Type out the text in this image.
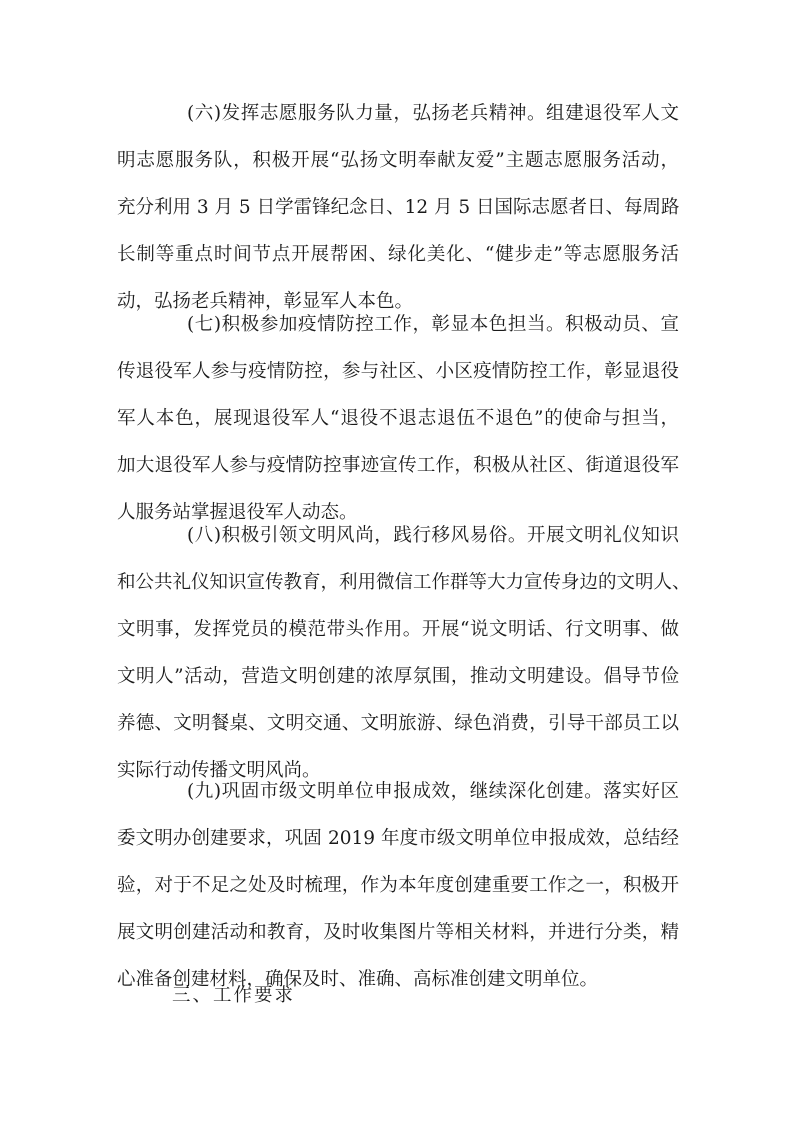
(六)发挥志愿服务队力量，弘扬老兵精神。组建退役军人文
明志愿服务队，积极开展“弘扬文明奉献友爱”主题志愿服务活动，
充分利用 3 月 5 日学雷锋纪念日、12 月 5 日国际志愿者日、每周路
长制等重点时间节点开展帮困、绿化美化、“健步走”等志愿服务活
动，弘扬老兵精神，彰显军人本色。
(七)积极参加疫情防控工作，彰显本色担当。积极动员、宣
传退役军人参与疫情防控，参与社区、小区疫情防控工作，彰显退役
军人本色，展现退役军人“退役不退志退伍不退色”的使命与担当，
加大退役军人参与疫情防控事迹宣传工作，积极从社区、街道退役军
人服务站掌握退役军人动态。
(八)积极引领文明风尚，践行移风易俗。开展文明礼仪知识
和公共礼仪知识宣传教育，利用微信工作群等大力宣传身边的文明人、
文明事，发挥党员的模范带头作用。开展“说文明话、行文明事、做
文明人”活动，营造文明创建的浓厚氛围，推动文明建设。倡导节俭
养德、文明餐桌、文明交通、文明旅游、绿色消费，引导干部员工以
实际行动传播文明风尚。
(九)巩固市级文明单位申报成效，继续深化创建。落实好区
委文明办创建要求，巩固 2019 年度市级文明单位申报成效，总结经
验，对于不足之处及时梳理，作为本年度创建重要工作之一，积极开
展文明创建活动和教育，及时收集图片等相关材料，并进行分类，精
心准备创建材料，确保及时、准确、高标准创建文明单位。
三、工作要求
